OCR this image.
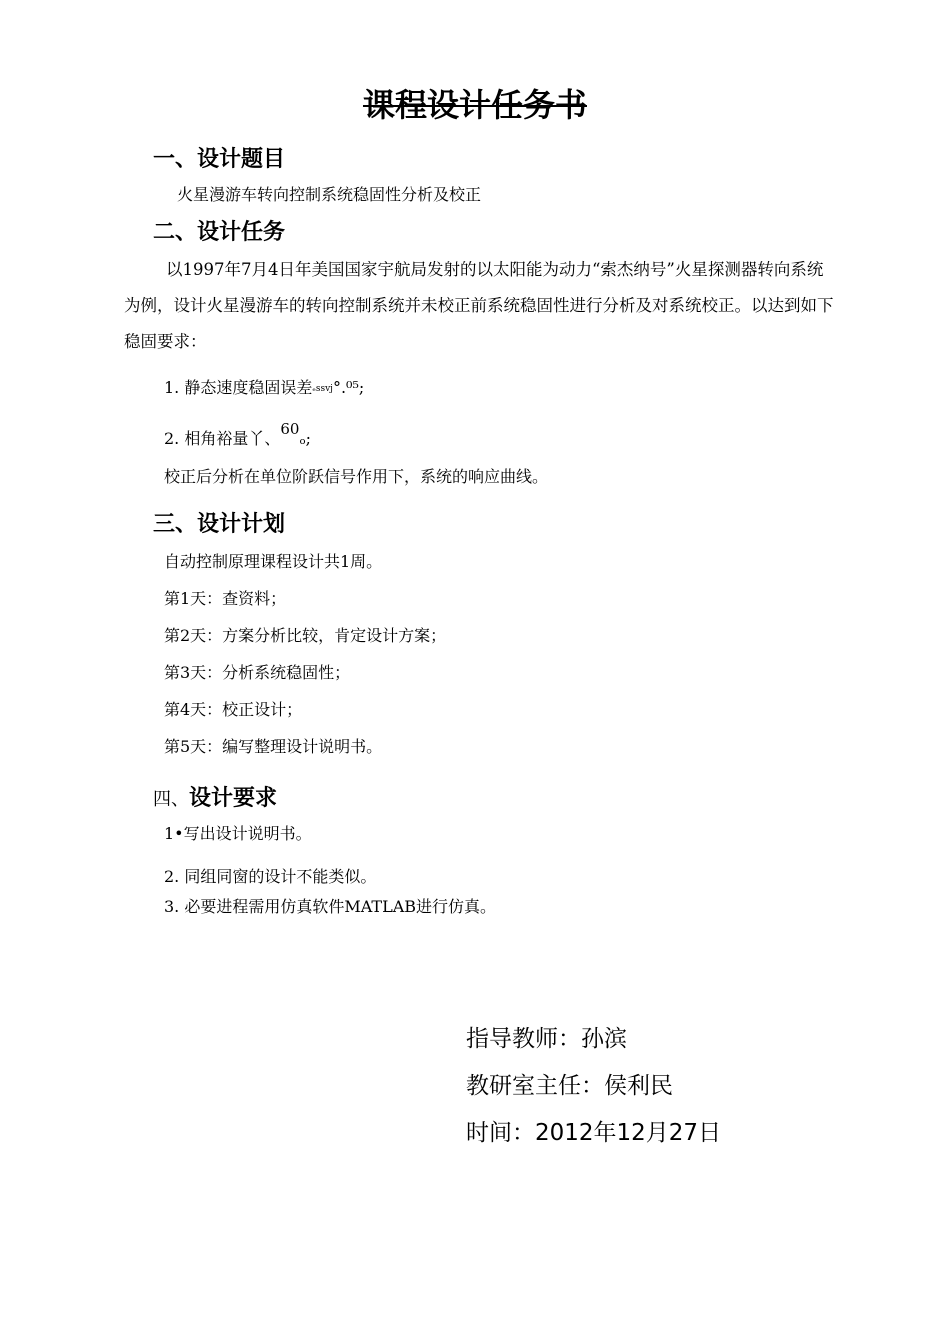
课程设计任务书
一、设计题目
火星漫游车转向控制系统稳固性分析及校正
二、设计任务
以1997年7月4日年美国国家宇航局发射的以太阳能为动力“索杰纳号”火星探测器转向系统为例，设计火星漫游车的转向控制系统并未校正前系统稳固性进行分析及对系统校正。以达到如下稳固要求：
1. 静态速度稳固误差ₑssvj°.⁰⁵;
2. 相角裕量丫、60ₒ;
校正后分析在单位阶跃信号作用下，系统的响应曲线。
三、设计计划
自动控制原理课程设计共1周。
第1天：查资料；
第2天：方案分析比较，肯定设计方案；
第3天：分析系统稳固性；
第4天：校正设计；
第5天：编写整理设计说明书。
四、设计要求
1•写出设计说明书。
2. 同组同窗的设计不能类似。
3. 必要进程需用仿真软件MATLAB进行仿真。
指导教师：孙滨
教研室主任：侯利民
时间：2012年12月27日
